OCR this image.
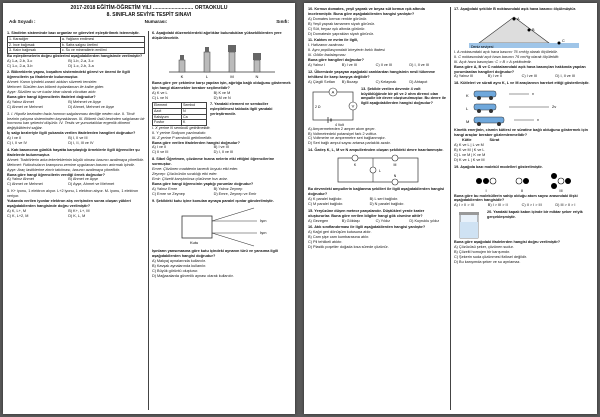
2017-2018 EĞİTİM-ÖĞRETİM YILI ............................ ORTAOKULU
8. SINIFLAR SEVİYE TESPİT SINAVI
Adı Soyadı :	Numarası:	Sınıfı:
1. Sindirim sisteminde bazı organlar ve görevleri eşleştirilmek istenmiştir.
1. Karaciğer	a. Yağların emilmesi
2. İnce bağırsak	b. Safra salgısı üretimi
3. Kalın bağırsak	c. Su ve minerallerin emilimi
Bu eşleştirmelerin doğru gösterimi aşağıdakilerden hangisinde verilmiştir?
A) 1-a, 2-b, 3-c	B) 1-b, 2-a, 3-c
C) 1-c, 2-a, 3-b	D) 1-c, 2-b, 3-a
2. Böbreklerin yapısı, boşaltım sistemindeki görevi ve önemi ile ilgili öğrencilerin şu ifadelerde bulunmuştur.
Ahmet: Kanın içindeki zararlı atıkları süzerek temizler.
Mehmet: Süzülen kan böbrek toplardamarı ile kalbe gider.
Ayşe: Süzülen su ve tuzlar idrar olarak vücuttan atılır.
Buna göre hangi öğrencilerin ifadeleri doğrudur?
A) Yalnız Ahmet	B) Mehmet ve Ayşe
C) Ahmet ve Mehmet	D) Ahmet, Mehmet ve Ayşe
3. I. Hipofiz bezinden fazla hormon salgılanması devliğe neden olur. II. Tiroit bezinin çalışma sisteminden kaynaklanan. III. Böbrek üstü bezinden salgılanan bir hormonu kan şekerini düşürür. IV. Testis ve yumurtalıklar ergenlik dönemi değişikliklerini sağlar.
İç salgı bezleriyle ilgili yukarıda verilen ifadelerden hangileri doğrudur?
A) I ve II	B) I, II ve III
C) I, II ve IV	D) I, II, III ve IV
4. Katı basıncının günlük hayatta karşılaştığı örneklerle ilgili öğrenciler şu ifadelerde bulunmuştur.
Ahmet: Traktörlerin arka tekerleklerinin büyük olması basıncı azaltmaya yöneliktir.
Mehmet: Futbolcuların kramponu zemine uygulanan basıncı artırmak içindir.
Ayşe: Araç lastiklerine zincir takılması, basıncı azaltmaya yöneliktir.
Buna göre hangi öğrencilerin verdiği örnek doğrudur?
A) Yalnız Ahmet	B) Ahmet ve Ayşe
C) Ahmet ve Mehmet	D) Ayşe, Ahmet ve Mehmet
5. K+ iyonu, 1 elektron alıyor. L+2 iyonu, 1 elektron alıyor. M- iyonu, 1 elektron veriyor.
Yukarıda verilen iyonlar elektron alış verişinden sonra oluşan yükleri aşağıdakilerden hangisinde doğru verilmiştir?
A) K, L+, M	B) K+, L+, M
C) K, L+2, M	D) K, L, M
6. Aşağıdaki düzeneklerdeki ağırlıklar bulundukları yüksekliklerden yere düşürülecektir.
K	L	M	N
Buna göre yer çekimine karşı yapılan işin, ağırlığa bağlı olduğunu göstermek için hangi düzenekler beraber seçilmelidir?
A) K ve L	B) K ve M
C) L ve N	D) M ve N
Element	Sembol
Azot	N
Kalsiyum	Ca
Fosfor	K
7. Yandaki element ve semboller eşleştirilmesi tabloda ilgili yandaki yerleştirmedir.
I. X yerine N sembolü getirilmelidir.
II. Y yerine Sodyum yazılmalıdır.
III. Z yerine P sembolü getirilmelidir.
Buna göre verilen ifadelerden hangisi doğrudur?
A) I ve II	B) I ve III
C) II ve III	D) I, II ve III
8. Sibel Öğretmen, çözünme hızına nelerin etki ettiğini öğrencilerine sormuştur.
Emre: Çözünen maddenin tanecik boyutu etki eder.
Zeynep: Çözücünün sıcaklığı etki eder.
Emir: Çözelti karıştırılırsa çözünme hızı artar.
Buna göre hangi öğrencinin yaptığı yorumlar doğrudur?
A) Yalnız Emre	B) Yalnız Zeynep
C) Emre ve Zeynep	D) Emre, Zeynep ve Emir
9. Şekildeki kutu içine konulan aynaya paralel ışınlar gönderilmiştir.
Işın
Işın
Kutu
Işınların yansımasına göre kutu içindeki aynanın türü ve yansıma ilgili aşağıdakilerden hangisi doğrudur?
A) Makyaj aynalarında kullanılır.
B) Kavşak aynalarında kullanılır.
C) Büyük görüntü oluşturur.
D) Mağazalarda güvenlik aynası olarak kullanılır.
10. Kırmızı domates, yeşil yaprak ve beyaz süt kırmızı ışık altında incelenmiştir. Buna göre aşağıdakilerden hangisi yanlıştır?
A) Domates kırmızı renkte görünür.
B) Yeşil yaprak tamamen siyah görünür.
C) Süt, beyaz ışık altında görünür.
D) Domatesin yaprakları siyah görünür.
11. Kalıtım ve evrim ile ilgili,
I. Hafızanın azalması
II. Aynı popülasyondaki bireylerin farklı ifadesi
III. Gölün fazlalaşması
Buna göre hangileri doğrudur?
A) Yalnız I	B) I ve III	C) II ve III	D) I, II ve III
12. Ülkemizde yaşayan aşağıdaki canlılardan hangisinin nesli tükenme tehlikesi ile karşı karşıya değildir?
A) Çizgili Sırtlan B) Bozayı	C) Kelaynak	D) Ahtapot
A
V
4 Volt
2 Ω
13. Şekilde verilen devrede 4 volt büyüklüğünde bir pil ve 2 ohm direnci olan ampulle bir devre oluşturulmuştur. Bu devre ile ilgili aşağıdakilerden hangisi doğrudur?
A) Ampermetreden 2 amper akım geçer.
B) Voltmetredeki potansiyel fark 2 volttur.
C) Voltmetre ve ampermetre seri bağlanmıştır.
D) Seri bağlı ampul sayısı artarsa parlaklık azalır.
14. Özdeş K, L, M ve N ampullerinden oluşan şekildeki devre hazırlanmıştır.
K
L
M
N
Bu devredeki ampullerin bağlanma şekilleri ile ilgili aşağıdakilerden hangisi doğrudur?
A) K paralel bağlıdır.	B) L seri bağlıdır.
C) M paralel bağlıdır.	D) N paralel bağlıdır.
15. Yeryüzüne düşen meteor parçalarıdır. Düştükleri yerde krater oluştururlar. Buna göre verilen bilgiler hangi gök cismine aittir?
A) Gezegen	B) Göktaşı	C) Yıldız	D) Kuyruklu yıldız
16. Atık sınıflandırması ile ilgili aşağıdakilerden hangisi yanlıştır?
A) Kağıt geri dönüşüm kutusuna atılır.
B) Cam şişe cam kumbarasına atılır.
C) Pil tehlikeli atıktır.
D) Plastik poşetler doğada kısa sürede çözünür.
17. Aşağıdaki şekilde B noktasındaki aşık hava basıncı ölçülmüştür.
A
B
C
Deniz seviyesi
I. A noktasındaki açık hava basıncı 76 cmHg olarak ölçülebilir.
II. C noktasındaki açık hava basıncı 76 cmHg olarak ölçülebilir.
III. Açık hava basınçları: C > B > A şeklindedir.
Buna göre A, B ve C noktalarındaki açık hava basınçları hakkında yapılan yorumlardan hangileri doğrudur?
A) Yalnız III	B) I ve II	C) I ve III	D) I, II ve III
18. Kütleleri ve sürati aynı K, L ve M araçlarının hareket ettiği gösterilmiştir.
K
L
M
v
2v
v
Kinetik enerjinin, cismin kütlesi ve süratine bağlı olduğunu göstermek için hangi araçlar beraber gözlemlenmelidir?
Kütle	Sürat
A) K ve L | L ve M
B) K ve M | K ve L
C) L ve M | K ve M
D) K ve L | K ve M
19. Aşağıda bazı molekül modelleri gösterilmiştir.
I	II	III
Buna göre bu moleküllerin sahip olduğu atom sayısı arasındaki ilişki aşağıdakilerden hangisidir?
A) I > II > III	B) I > III > II	C) II > I > III	D) III > II > I
20. Yandaki kapalı kabın içinde bir miktar şeker eriyik gerçekleşmiştir.
Buna göre aşağıdaki ifadelerden hangisi doğru verilmiştir?
A) Çözücüsü şeker, çözünen sudur.
B) Çözelti homojen bir karışımdır.
C) Şekerin suda çözünmesi fiziksel değildir.
D) Bu karışımda şeker ve su ayrılamaz.
